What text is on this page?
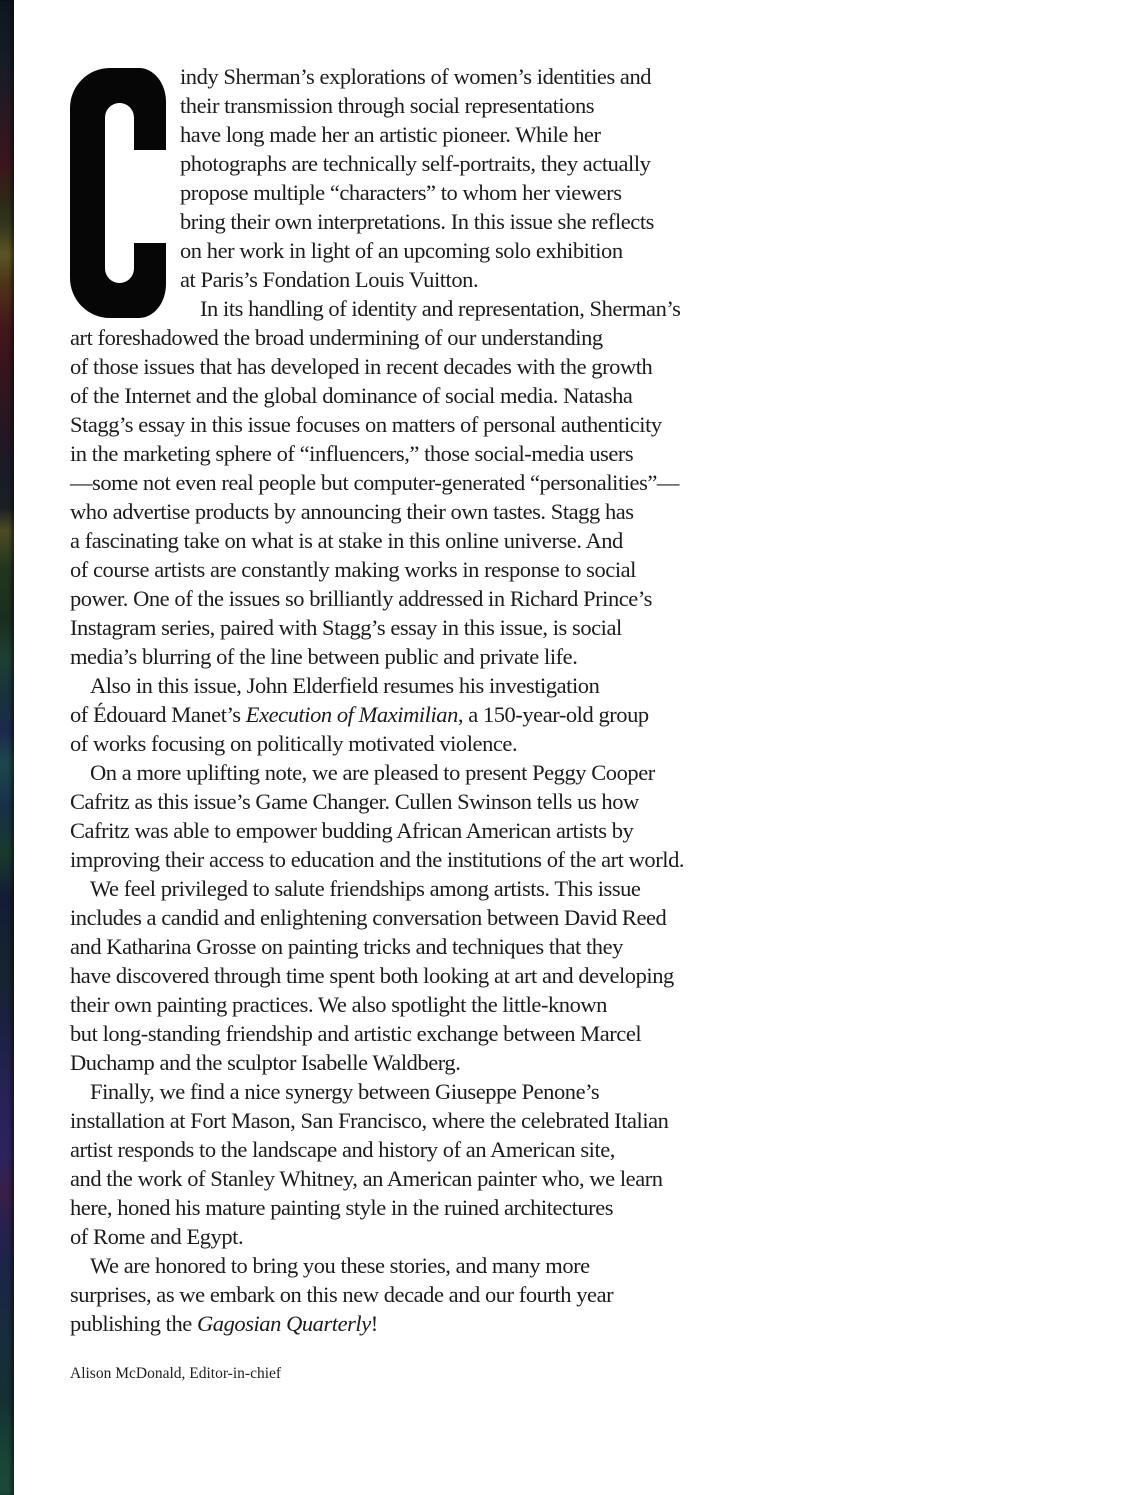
indy Sherman’s explorations of women’s identities and
their transmission through social representations
have long made her an artistic pioneer. While her
photographs are technically self-portraits, they actually
propose multiple “characters” to whom her viewers
bring their own interpretations. In this issue she reflects
on her work in light of an upcoming solo exhibition
at Paris’s Fondation Louis Vuitton.

In its handling of identity and representation, Sherman’s
art foreshadowed the broad undermining of our understanding
of those issues that has developed in recent decades with the growth
of the Internet and the global dominance of social media. Natasha
Stagg’s essay in this issue focuses on matters of personal authenticity
in the marketing sphere of “influencers,” those social-media users
—some not even real people but computer-generated “personalities”—
who advertise products by announcing their own tastes. Stagg has
a fascinating take on what is at stake in this online universe. And
of course artists are constantly making works in response to social
power. One of the issues so brilliantly addressed in Richard Prince’s
Instagram series, paired with Stagg’s essay in this issue, is social
media’s blurring of the line between public and private life.

Also in this issue, John Elderfield resumes his investigation
of Édouard Manet’s Execution of Maximilian, a 150-year-old group
of works focusing on politically motivated violence.

On a more uplifting note, we are pleased to present Peggy Cooper
Cafritz as this issue’s Game Changer. Cullen Swinson tells us how
Cafritz was able to empower budding African American artists by
improving their access to education and the institutions of the art world.

We feel privileged to salute friendships among artists. This issue
includes a candid and enlightening conversation between David Reed
and Katharina Grosse on painting tricks and techniques that they
have discovered through time spent both looking at art and developing
their own painting practices. We also spotlight the little-known
but long-standing friendship and artistic exchange between Marcel
Duchamp and the sculptor Isabelle Waldberg.

Finally, we find a nice synergy between Giuseppe Penone’s
installation at Fort Mason, San Francisco, where the celebrated Italian
artist responds to the landscape and history of an American site,
and the work of Stanley Whitney, an American painter who, we learn
here, honed his mature painting style in the ruined architectures
of Rome and Egypt.

We are honored to bring you these stories, and many more
surprises, as we embark on this new decade and our fourth year
publishing the Gagosian Quarterly!

Alison McDonald, Editor-in-chief
